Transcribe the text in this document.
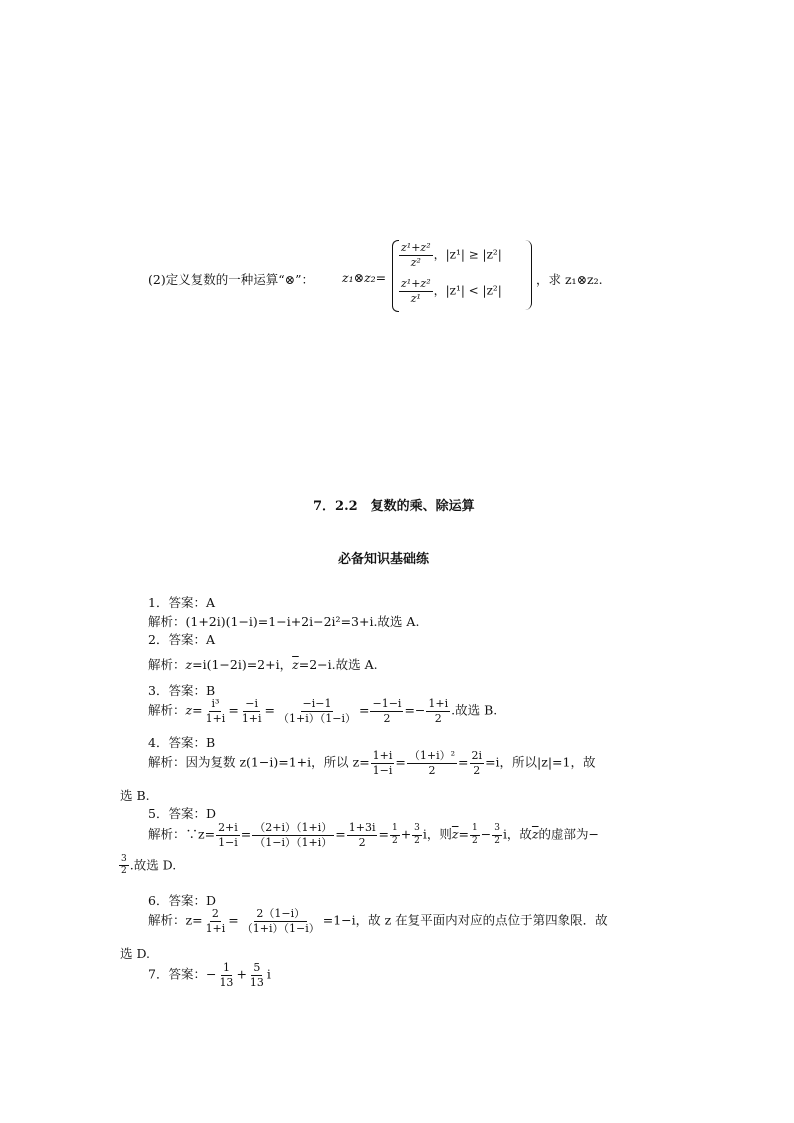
(2)定义复数的一种运算“⊗”： z₁⊗z₂=
$\frac{\text{z¹+z²}}{\text{z²}}$ ，|z¹| ≥ |z²|
$\frac{\text{z¹+z²}}{\text{z¹}}$ ，|z¹| < |z²|
，求 z₁⊗z₂.
7．2.2　复数的乘、除运算
必备知识基础练
1．答案：A
解析：(1+2i)(1−i)=1−i+2i−2i²=3+i.故选 A.
2．答案：A
解析：z=i(1−2i)=2+i，$\overline{z}=2-i$.故选 A.
3．答案：B
解析：$z= \frac{\text{i³}}{1+i} = \frac{-i}{1+i} = \frac{-i-1}{(1+i)(1-i)} = \frac{-1-i}{2} =- \frac{1+i}{2}$ .故选 B.
4．答案：B
解析：因为复数 z(1−i)=1+i，所以 $z= \frac{1+i}{1-i} = \frac{\text{（1+i）²}}{2} = \frac{2i}{2} =i$，所以|z|=1，故
选 B.
5．答案：D
解析：∵z= $\frac{2+i}{1-i} = \frac{(2+i)(1+i)}{(1-i)(1+i)} = \frac{1+3i}{2} = \frac{1}{2} + \frac{3}{2}$ i，则$\overline{z}= \frac{1}{2} - \frac{3}{2}$ i，故$\overline{z}$的虚部为−
$\frac{3}{2}$ .故选 D.
6．答案：D
解析：$z= \frac{2}{1+i} = \frac{2(1-i)}{(1+i)(1-i)} =1-i$，故 z 在复平面内对应的点位于第四象限．故
选 D.
7．答案：− $\frac{1}{13} + \frac{5}{13}$ i
